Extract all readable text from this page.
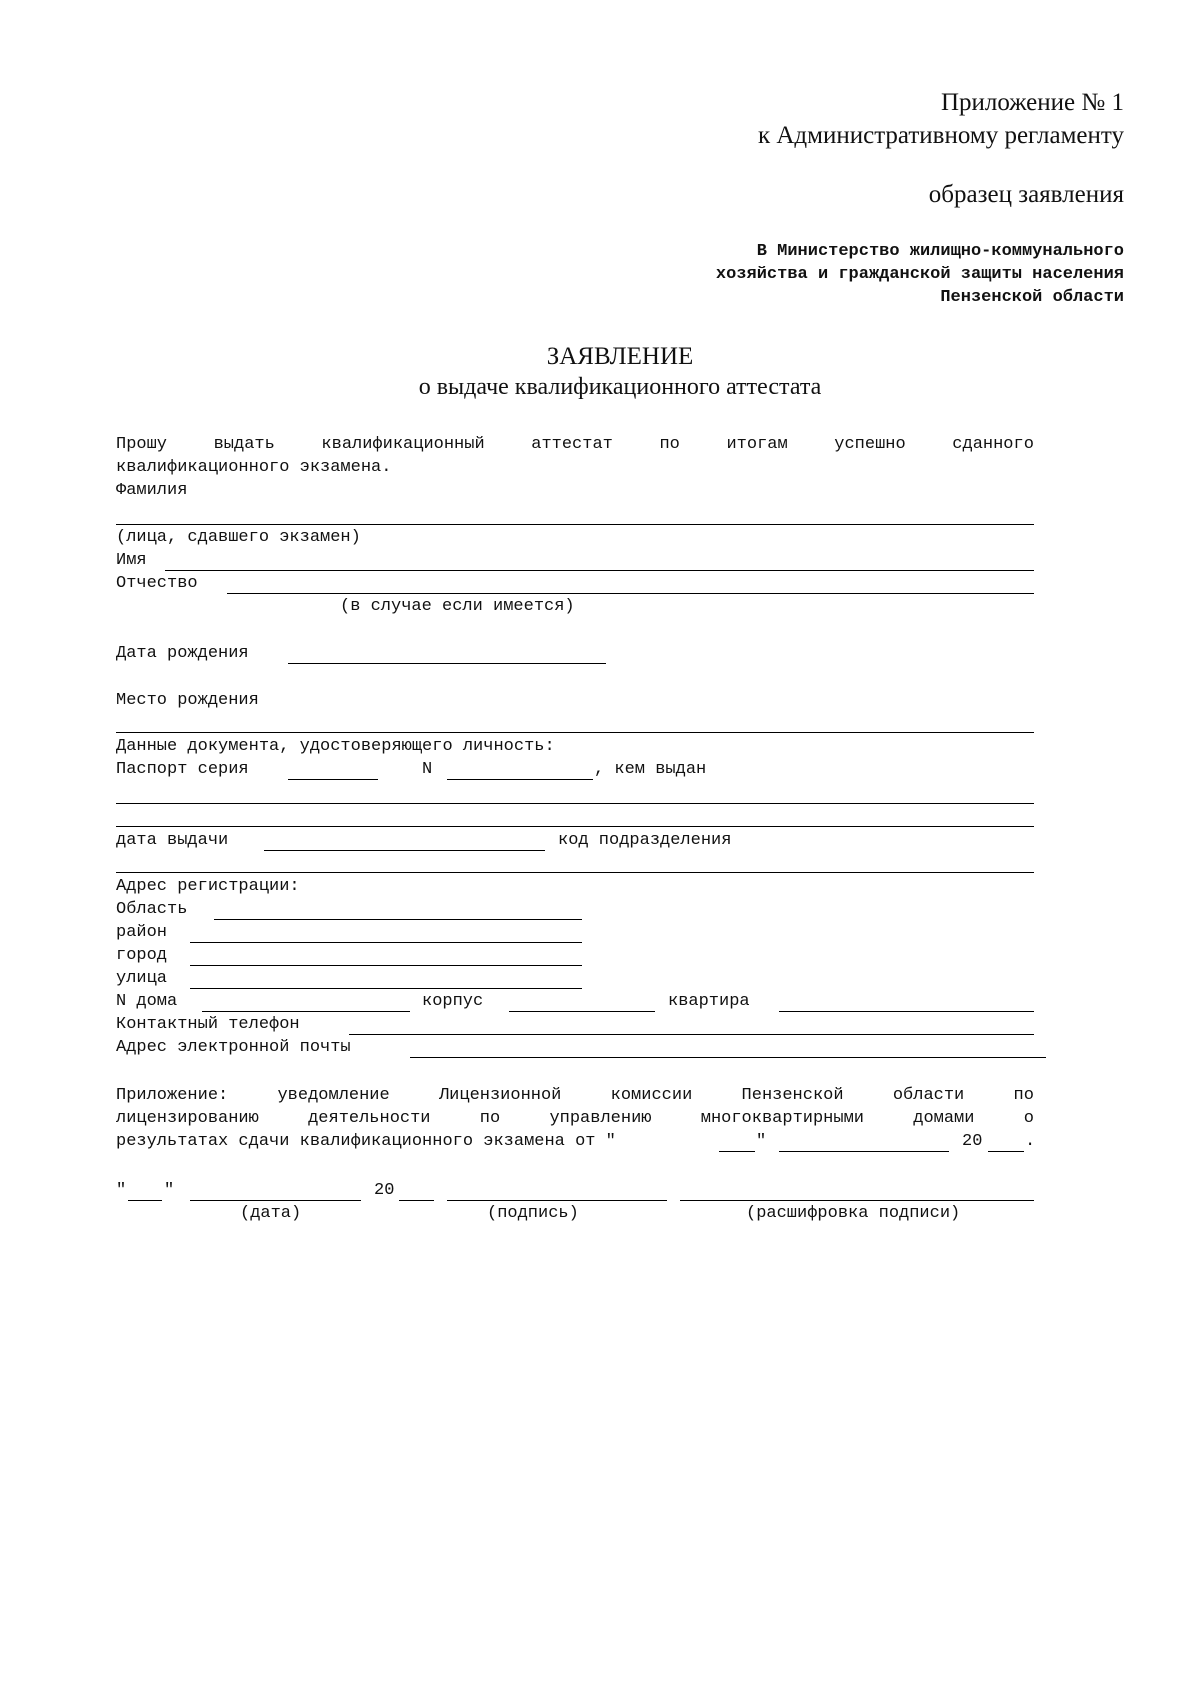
Приложение № 1
к Административному регламенту
образец заявления
В Министерство жилищно-коммунального
хозяйства и гражданской защиты населения
Пензенской области
ЗАЯВЛЕНИЕ
о выдаче квалификационного аттестата
Прошу	выдать	квалификационный	аттестат	по	итогам	успешно	сданного
квалификационного экзамена.
Фамилия
(лица, сдавшего экзамен)
Имя
Отчество
(в случае если имеется)
Дата рождения
Место рождения
Данные документа, удостоверяющего личность:
Паспорт серия	N	, кем выдан
дата выдачи	код подразделения
Адрес регистрации:
Область
район
город
улица
N дома	корпус	квартира
Контактный телефон
Адрес электронной почты
Приложение:	уведомление	Лицензионной	комиссии	Пензенской	области	по
лицензированию	деятельности	по	управлению	многоквартирными	домами	о
результатах сдачи квалификационного экзамена от "	"	20	.
" "	20
(дата)	(подпись)	(расшифровка подписи)
